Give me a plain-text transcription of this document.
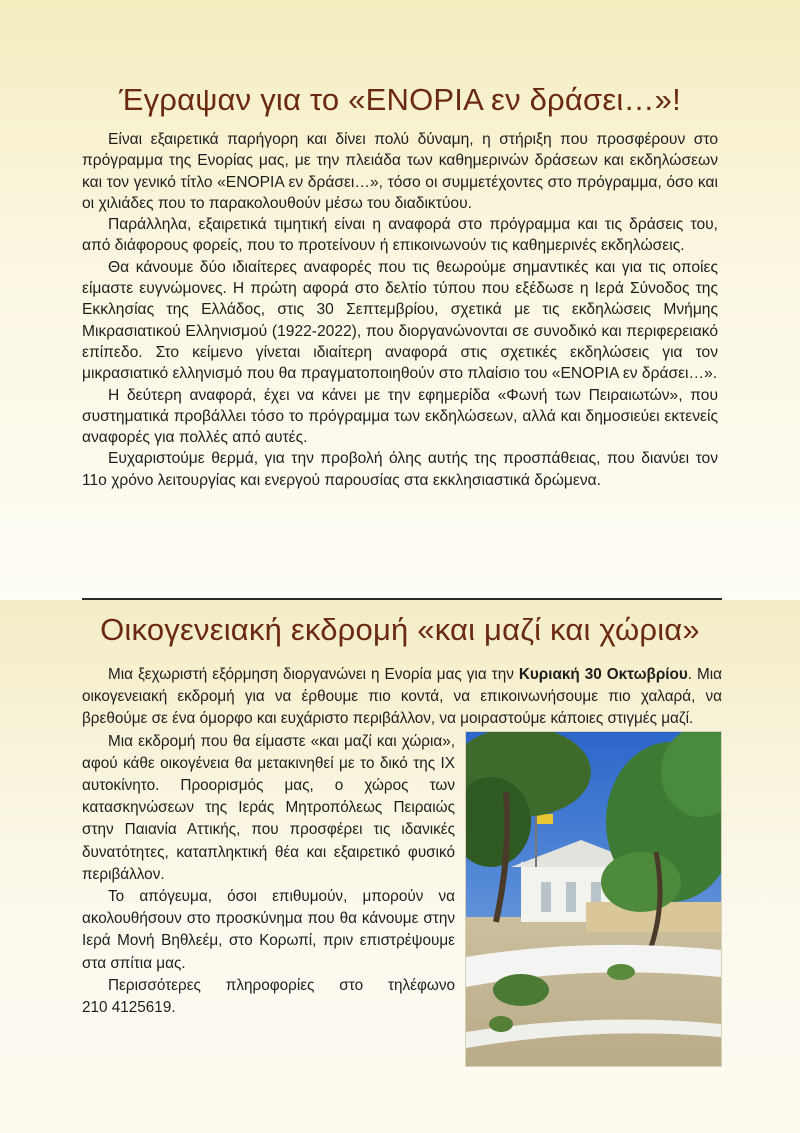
Έγραψαν για το «ΕΝΟΡΙΑ εν δράσει…»!

Είναι εξαιρετικά παρήγορη και δίνει πολύ δύναμη, η στήριξη που προσφέρουν στο πρόγραμμα της Ενορίας μας, με την πλειάδα των καθημερινών δράσεων και εκδηλώσεων και τον γενικό τίτλο «ΕΝΟΡΙΑ εν δράσει…», τόσο οι συμμετέχοντες στο πρόγραμμα, όσο και οι χιλιάδες που το παρακολουθούν μέσω του διαδικτύου.

Παράλληλα, εξαιρετικά τιμητική είναι η αναφορά στο πρόγραμμα και τις δράσεις του, από διάφορους φορείς, που το προτείνουν ή επικοινωνούν τις καθημερινές εκδηλώσεις.

Θα κάνουμε δύο ιδιαίτερες αναφορές που τις θεωρούμε σημαντικές και για τις οποίες είμαστε ευγνώμονες. Η πρώτη αφορά στο δελτίο τύπου που εξέδωσε η Ιερά Σύνοδος της Εκκλησίας της Ελλάδος, στις 30 Σεπτεμβρίου, σχετικά με τις εκδηλώσεις Μνήμης Μικρασιατικού Ελληνισμού (1922-2022), που διοργανώνονται σε συνοδικό και περιφερειακό επίπεδο. Στο κείμενο γίνεται ιδιαίτερη αναφορά στις σχετικές εκδηλώσεις για τον μικρασιατικό ελληνισμό που θα πραγματοποιηθούν στο πλαίσιο του «ΕΝΟΡΙΑ εν δράσει…».

Η δεύτερη αναφορά, έχει να κάνει με την εφημερίδα «Φωνή των Πειραιωτών», που συστηματικά προβάλλει τόσο το πρόγραμμα των εκδηλώσεων, αλλά και δημοσιεύει εκτενείς αναφορές για πολλές από αυτές.

Ευχαριστούμε θερμά, για την προβολή όλης αυτής της προσπάθειας, που διανύει τον 11ο χρόνο λειτουργίας και ενεργού παρουσίας στα εκκλησιαστικά δρώμενα.

Οικογενειακή εκδρομή «και μαζί και χώρια»

Μια ξεχωριστή εξόρμηση διοργανώνει η Ενορία μας για την Κυριακή 30 Οκτωβρίου. Μια οικογενειακή εκδρομή για να έρθουμε πιο κοντά, να επικοινωνήσουμε πιο χαλαρά, να βρεθούμε σε ένα όμορφο και ευχάριστο περιβάλλον, να μοιραστούμε κάποιες στιγμές μαζί.

Μια εκδρομή που θα είμαστε «και μαζί και χώρια», αφού κάθε οικογένεια θα μετακινηθεί με το δικό της ΙΧ αυτοκίνητο. Προορισμός μας, ο χώρος των κατασκηνώσεων της Ιεράς Μητροπόλεως Πειραιώς στην Παιανία Αττικής, που προσφέρει τις ιδανικές δυνατότητες, καταπληκτική θέα και εξαιρετικό φυσικό περιβάλλον.

Το απόγευμα, όσοι επιθυμούν, μπορούν να ακολουθήσουν στο προσκύνημα που θα κάνουμε στην Ιερά Μονή Βηθλεέμ, στο Κορωπί, πριν επιστρέψουμε στα σπίτια μας.

Περισσότερες πληροφορίες στο τηλέφωνο 210 4125619.
